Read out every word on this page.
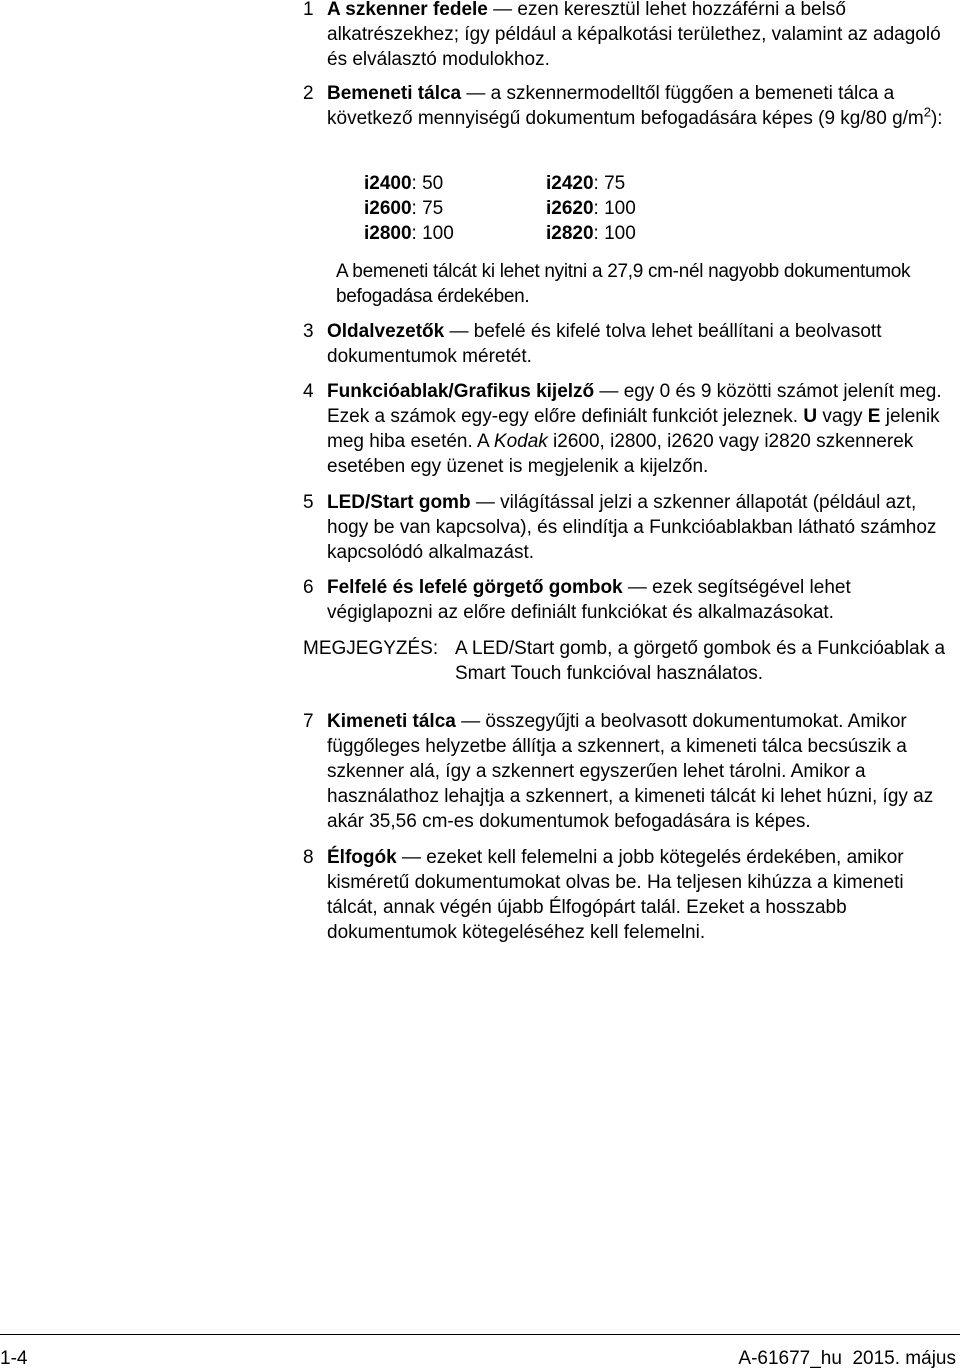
1 A szkenner fedele — ezen keresztül lehet hozzáférni a belső alkatrészekhez; így például a képalkotási területhez, valamint az adagoló és elválasztó modulokhoz.
2 Bemeneti tálca — a szkennermodelltől függően a bemeneti tálca a következő mennyiségű dokumentum befogadására képes (9 kg/80 $g/m^2$):
i2400: 50	i2420: 75
i2600: 75	i2620: 100
i2800: 100	i2820: 100
A bemeneti tálcát ki lehet nyitni a 27,9 cm-nél nagyobb dokumentumok befogadása érdekében.
3 Oldalvezetők — befelé és kifelé tolva lehet beállítani a beolvasott dokumentumok méretét.
4 Funkcióablak/Grafikus kijelző — egy 0 és 9 közötti számot jelenít meg. Ezek a számok egy-egy előre definiált funkciót jeleznek. U vagy E jelenik meg hiba esetén. A Kodak i2600, i2800, i2620 vagy i2820 szkennerek esetében egy üzenet is megjelenik a kijelzőn.
5 LED/Start gomb — világítással jelzi a szkenner állapotát (például azt, hogy be van kapcsolva), és elindítja a Funkcióablakban látható számhoz kapcsolódó alkalmazást.
6 Felfelé és lefelé görgető gombok — ezek segítségével lehet végiglapozni az előre definiált funkciókat és alkalmazásokat.
MEGJEGYZÉS: A LED/Start gomb, a görgető gombok és a Funkcióablak a Smart Touch funkcióval használatos.
7 Kimeneti tálca — összegyűjti a beolvasott dokumentumokat. Amikor függőleges helyzetbe állítja a szkennert, a kimeneti tálca becsúszik a szkenner alá, így a szkennert egyszerűen lehet tárolni. Amikor a használathoz lehajtja a szkennert, a kimeneti tálcát ki lehet húzni, így az akár 35,56 cm-es dokumentumok befogadására is képes.
8 Élfogók — ezeket kell felemelni a jobb kötegelés érdekében, amikor kisméretű dokumentumokat olvas be. Ha teljesen kihúzza a kimeneti tálcát, annak végén újabb Élfogópárt talál. Ezeket a hosszabb dokumentumok kötegeléséhez kell felemelni.
1-4	A-61677_hu  2015. május
